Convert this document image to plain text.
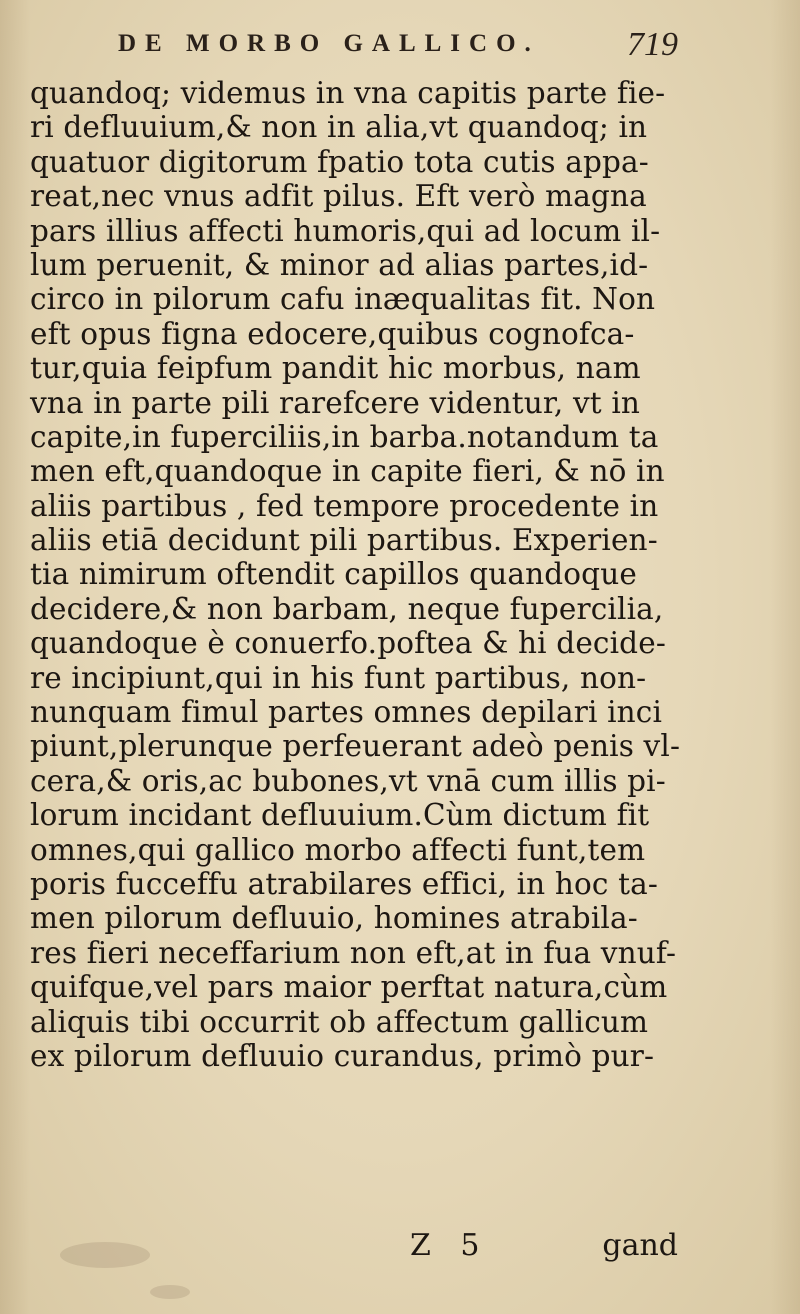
DE MORBO GALLICO.	719
quandoq; videmus in vna capitis parte fie-
ri defluuium,& non in alia,vt quandoq; in
quatuor digitorum fpatio tota cutis appa-
reat,nec vnus adfit pilus. Eft verò magna
pars illius affecti humoris,qui ad locum il-
lum peruenit, & minor ad alias partes,id-
circo in pilorum cafu inæqualitas fit. Non
eft opus figna edocere,quibus cognofca-
tur,quia feipfum pandit hic morbus, nam
vna in parte pili rarefcere videntur, vt in
capite,in fuperciliis,in barba.notandum ta
men eft,quandoque in capite fieri, & nō in
aliis partibus , fed tempore procedente in
aliis etiā decidunt pili partibus. Experien-
tia nimirum oftendit capillos quandoque
decidere,& non barbam, neque fupercilia,
quandoque è conuerfo.poftea & hi decide-
re incipiunt,qui in his funt partibus, non-
nunquam fimul partes omnes depilari inci
piunt,plerunque perfeuerant adeò penis vl-
cera,& oris,ac bubones,vt vnā cum illis pi-
lorum incidant defluuium.Cùm dictum fit
omnes,qui gallico morbo affecti funt,tem
poris fucceffu atrabilares effici, in hoc ta-
men pilorum defluuio, homines atrabila-
res fieri neceffarium non eft,at in fua vnuf-
quifque,vel pars maior perftat natura,cùm
aliquis tibi occurrit ob affectum gallicum
ex pilorum defluuio curandus, primò pur-
Z 5	gand
